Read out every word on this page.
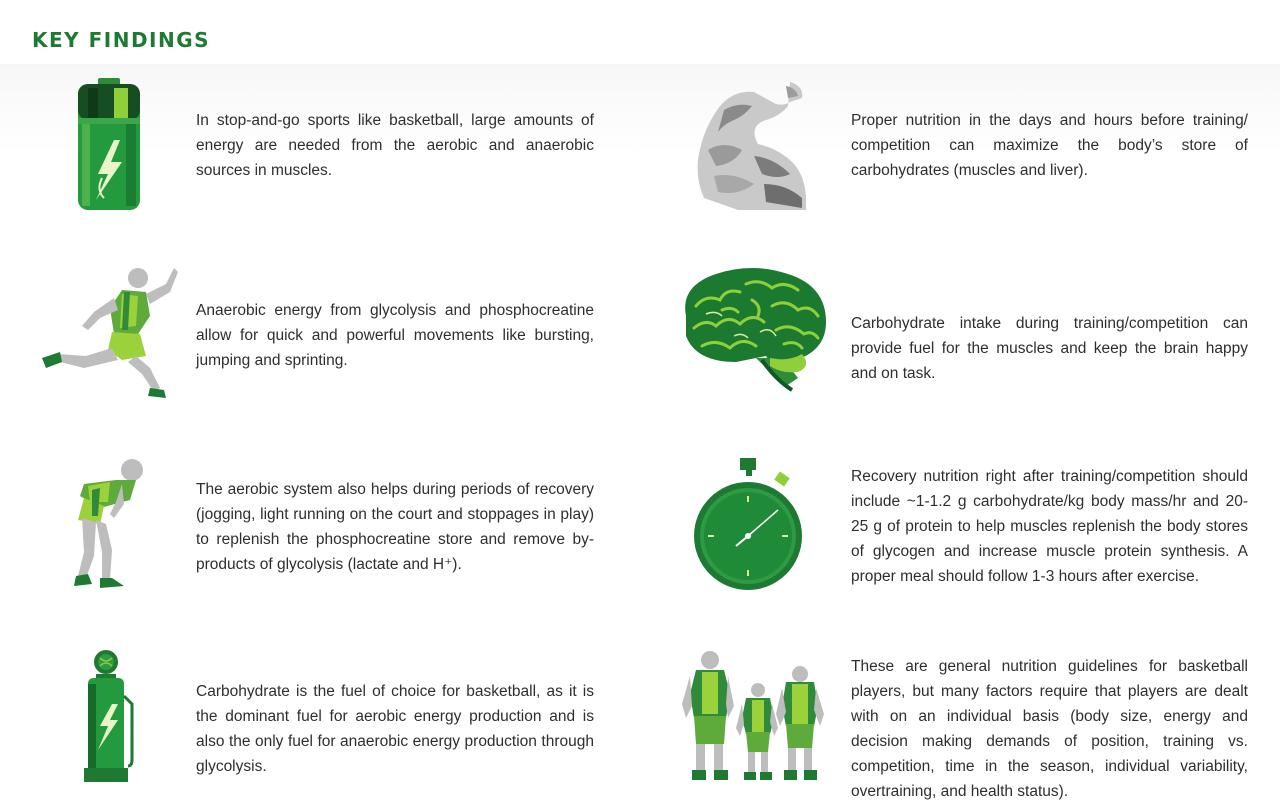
KEY FINDINGS

In stop-and-go sports like basketball, large amounts of energy are needed from the aerobic and anaerobic sources in muscles.

Proper nutrition in the days and hours before training/ competition can maximize the body’s store of carbohydrates (muscles and liver).

Anaerobic energy from glycolysis and phosphocreatine allow for quick and powerful movements like bursting, jumping and sprinting.

Carbohydrate intake during training/competition can provide fuel for the muscles and keep the brain happy and on task.

The aerobic system also helps during periods of recovery (jogging, light running on the court and stoppages in play) to replenish the phosphocreatine store and remove by-products of glycolysis (lactate and H⁺).

Recovery nutrition right after training/competition should include ~1-1.2 g carbohydrate/kg body mass/hr and 20-25 g of protein to help muscles replenish the body stores of glycogen and increase muscle protein synthesis. A proper meal should follow 1-3 hours after exercise.

Carbohydrate is the fuel of choice for basketball, as it is the dominant fuel for aerobic energy production and is also the only fuel for anaerobic energy production through glycolysis.

These are general nutrition guidelines for basketball players, but many factors require that players are dealt with on an individual basis (body size, energy and decision making demands of position, training vs. competition, time in the season, individual variability, overtraining, and health status).
